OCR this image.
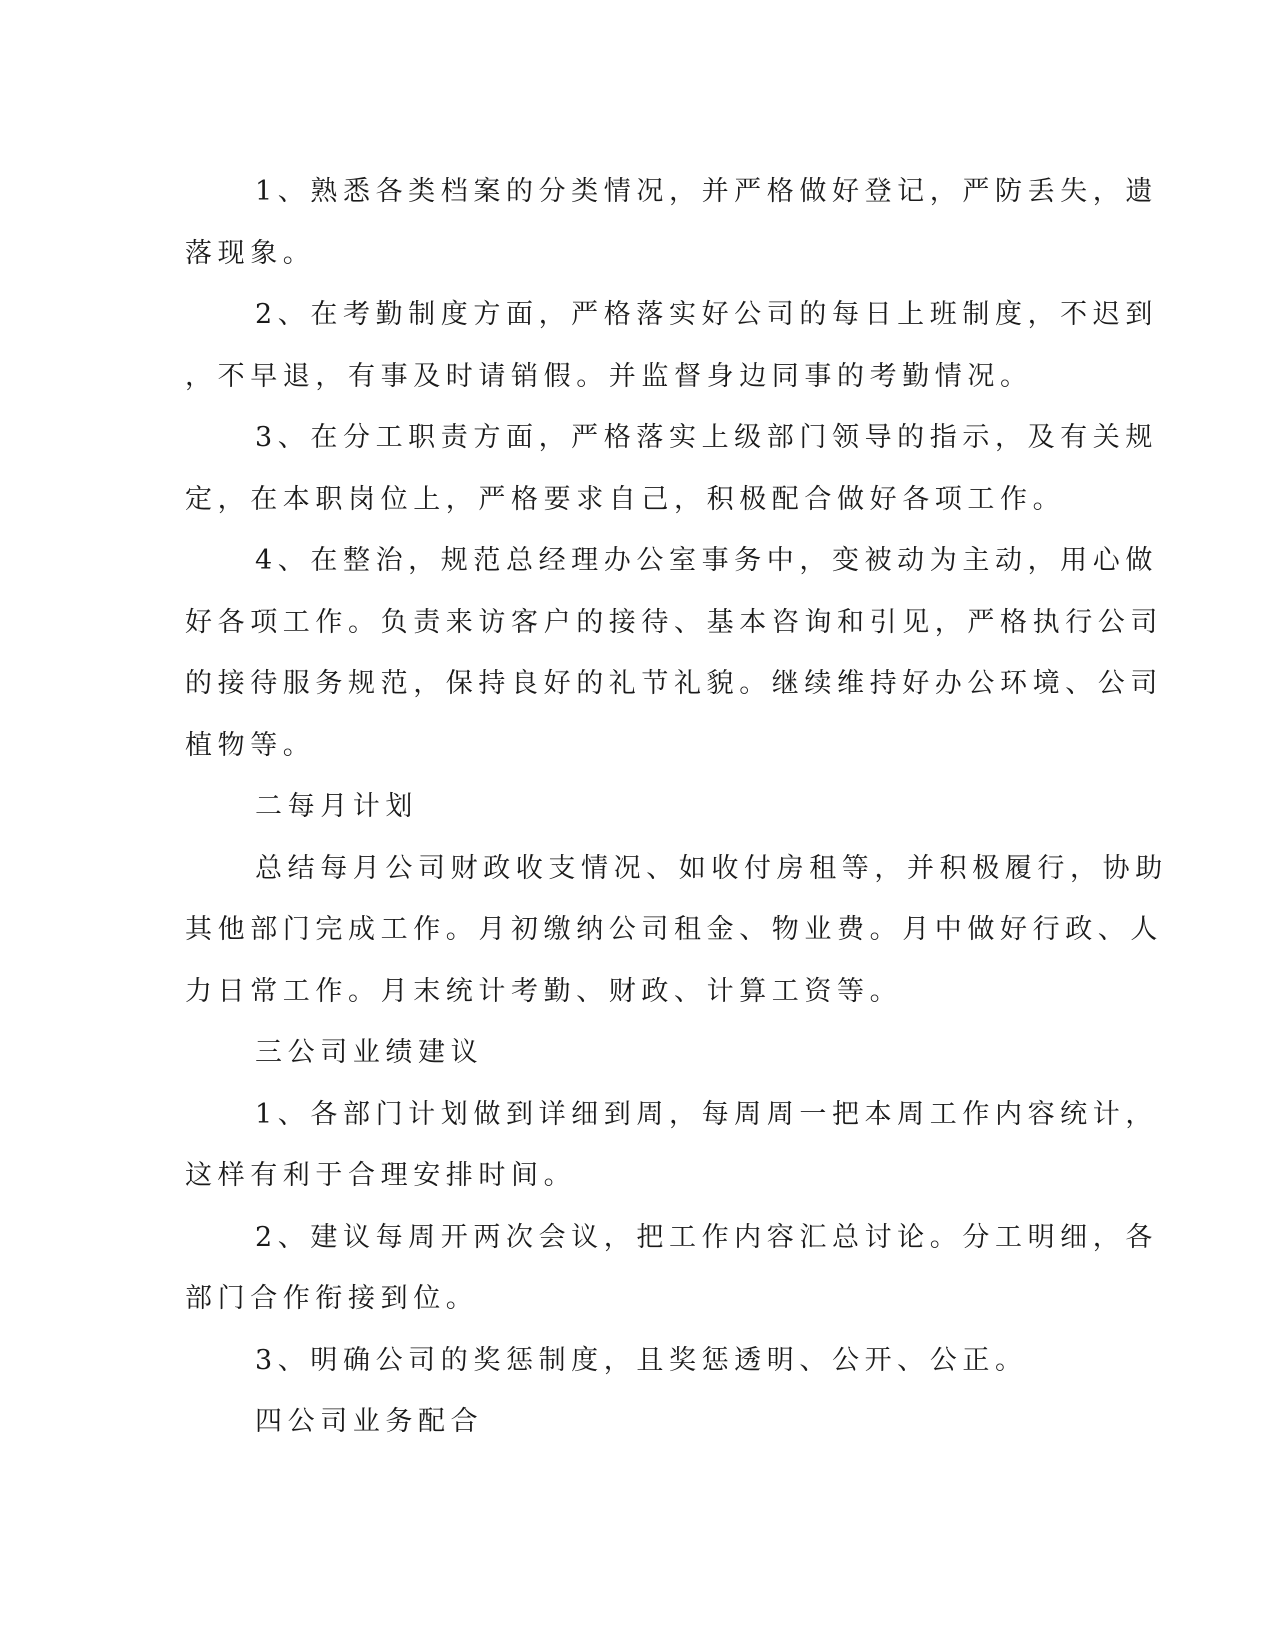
1、熟悉各类档案的分类情况，并严格做好登记，严防丢失，遗
落现象。
2、在考勤制度方面，严格落实好公司的每日上班制度，不迟到
，不早退，有事及时请销假。并监督身边同事的考勤情况。
3、在分工职责方面，严格落实上级部门领导的指示，及有关规
定，在本职岗位上，严格要求自己，积极配合做好各项工作。
4、在整治，规范总经理办公室事务中，变被动为主动，用心做
好各项工作。负责来访客户的接待、基本咨询和引见，严格执行公司
的接待服务规范，保持良好的礼节礼貌。继续维持好办公环境、公司
植物等。
二每月计划
总结每月公司财政收支情况、如收付房租等，并积极履行，协助
其他部门完成工作。月初缴纳公司租金、物业费。月中做好行政、人
力日常工作。月末统计考勤、财政、计算工资等。
三公司业绩建议
1、各部门计划做到详细到周，每周周一把本周工作内容统计，
这样有利于合理安排时间。
2、建议每周开两次会议，把工作内容汇总讨论。分工明细，各
部门合作衔接到位。
3、明确公司的奖惩制度，且奖惩透明、公开、公正。
四公司业务配合
